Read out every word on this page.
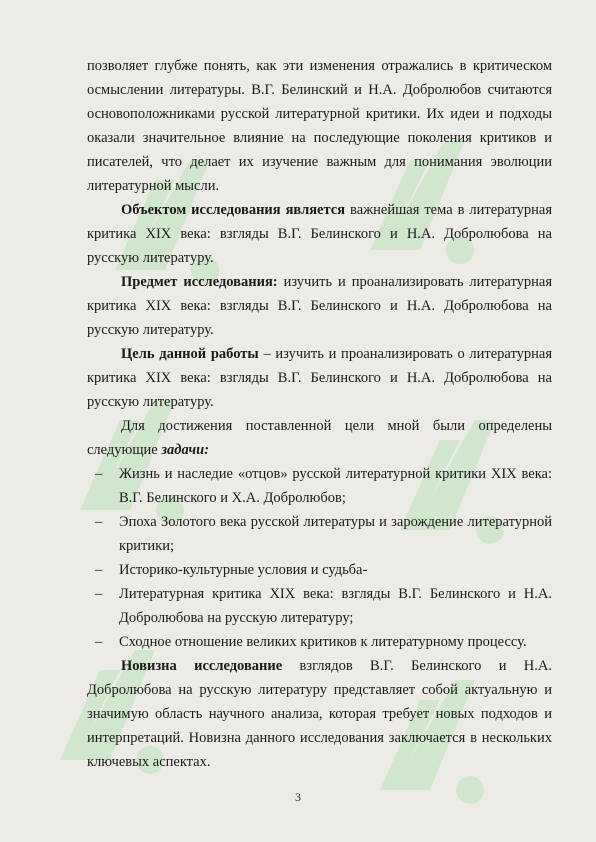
позволяет глубже понять, как эти изменения отражались в критическом осмыслении литературы. В.Г. Белинский и Н.А. Добролюбов считаются основоположниками русской литературной критики. Их идеи и подходы оказали значительное влияние на последующие поколения критиков и писателей, что делает их изучение важным для понимания эволюции литературной мысли.

Объектом исследования является важнейшая тема в литературная критика XIX века: взгляды В.Г. Белинского и Н.А. Добролюбова на русскую литературу.

Предмет исследования: изучить и проанализировать литературная критика XIX века: взгляды В.Г. Белинского и Н.А. Добролюбова на русскую литературу.

Цель данной работы – изучить и проанализировать о литературная критика XIX века: взгляды В.Г. Белинского и Н.А. Добролюбова на русскую литературу.

Для достижения поставленной цели мной были определены следующие задачи:

– Жизнь и наследие «отцов» русской литературной критики XIX века: В.Г. Белинского и Х.А. Добролюбов;
– Эпоха Золотого века русской литературы и зарождение литературной критики;
– Историко-культурные условия и судьба-
– Литературная критика XIX века: взгляды В.Г. Белинского и Н.А. Добролюбова на русскую литературу;
– Сходное отношение великих критиков к литературному процессу.

Новизна исследование взглядов В.Г. Белинского и Н.А. Добролюбова на русскую литературу представляет собой актуальную и значимую область научного анализа, которая требует новых подходов и интерпретаций. Новизна данного исследования заключается в нескольких ключевых аспектах.

3
